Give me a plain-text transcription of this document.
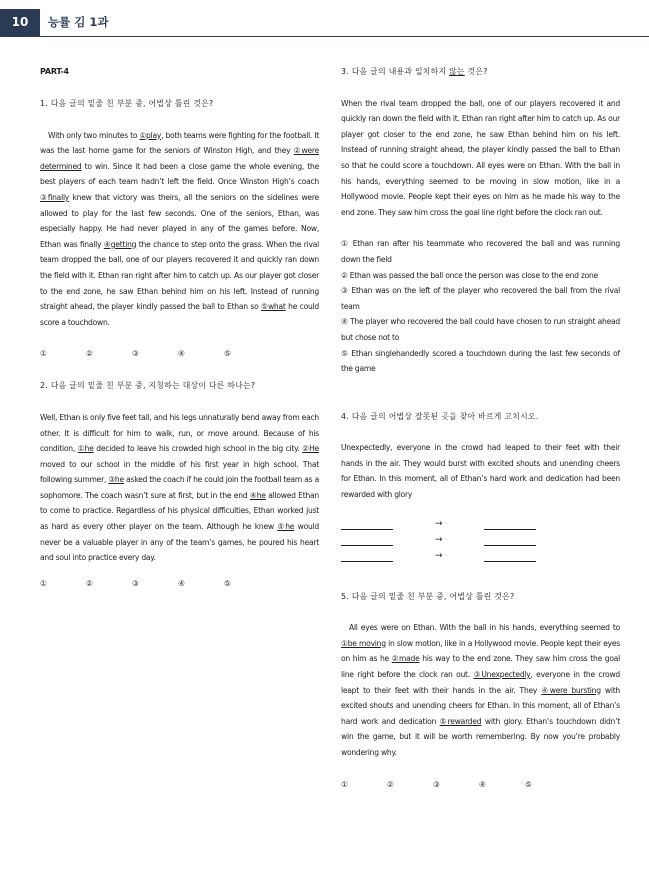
10	능률 김 1과

PART-4

1. 다음 글의 밑줄 친 부분 중, 어법상 틀린 것은?

With only two minutes to ①play, both teams were fighting for the football. It was the last home game for the seniors of Winston High, and they ②were determined to win. Since it had been a close game the whole evening, the best players of each team hadn’t left the field. Once Winston High’s coach ③finally knew that victory was theirs, all the seniors on the sidelines were allowed to play for the last few seconds. One of the seniors, Ethan, was especially happy. He had never played in any of the games before. Now, Ethan was finally ④getting the chance to step onto the grass. When the rival team dropped the ball, one of our players recovered it and quickly ran down the field with it. Ethan ran right after him to catch up. As our player got closer to the end zone, he saw Ethan behind him on his left. Instead of running straight ahead, the player kindly passed the ball to Ethan so ⑤what he could score a touchdown.

①	②	③	④	⑤

2. 다음 글의 밑줄 친 부분 중, 지칭하는 대상이 다른 하나는?

Well, Ethan is only five feet tall, and his legs unnaturally bend away from each other. It is difficult for him to walk, run, or move around. Because of his condition, ①he decided to leave his crowded high school in the big city. ②He moved to our school in the middle of his first year in high school. That following summer, ③he asked the coach if he could join the football team as a sophomore. The coach wasn’t sure at first, but in the end ④he allowed Ethan to come to practice. Regardless of his physical difficulties, Ethan worked just as hard as every other player on the team. Although he knew ⑤he would never be a valuable player in any of the team’s games, he poured his heart and soul into practice every day.

①	②	③	④	⑤

3. 다음 글의 내용과 일치하지 않는 것은?

When the rival team dropped the ball, one of our players recovered it and quickly ran down the field with it. Ethan ran right after him to catch up. As our player got closer to the end zone, he saw Ethan behind him on his left. Instead of running straight ahead, the player kindly passed the ball to Ethan so that he could score a touchdown. All eyes were on Ethan. With the ball in his hands, everything seemed to be moving in slow motion, like in a Hollywood movie. People kept their eyes on him as he made his way to the end zone. They saw him cross the goal line right before the clock ran out.

① Ethan ran after his teammate who recovered the ball and was running down the field

② Ethan was passed the ball once the person was close to the end zone

③ Ethan was on the left of the player who recovered the ball from the rival team

④ The player who recovered the ball could have chosen to run straight ahead but chose not to

⑤ Ethan singlehandedly scored a touchdown during the last few seconds of the game

4. 다음 글의 어법상 잘못된 곳을 찾아 바르게 고치시오.

Unexpectedly, everyone in the crowd had leaped to their feet with their hands in the air. They would burst with excited shouts and unending cheers for Ethan. In this moment, all of Ethan’s hard work and dedication had been rewarded with glory

→
→
→

5. 다음 글의 밑줄 친 부분 중, 어법상 틀린 것은?

All eyes were on Ethan. With the ball in his hands, everything seemed to ①be moving in slow motion, like in a Hollywood movie. People kept their eyes on him as he ②made his way to the end zone. They saw him cross the goal line right before the clock ran out. ③Unexpectedly, everyone in the crowd leapt to their feet with their hands in the air. They ④were bursting with excited shouts and unending cheers for Ethan. In this moment, all of Ethan’s hard work and dedication ⑤rewarded with glory. Ethan’s touchdown didn’t win the game, but it will be worth remembering. By now you’re probably wondering why.

①	②	③	④	⑤
